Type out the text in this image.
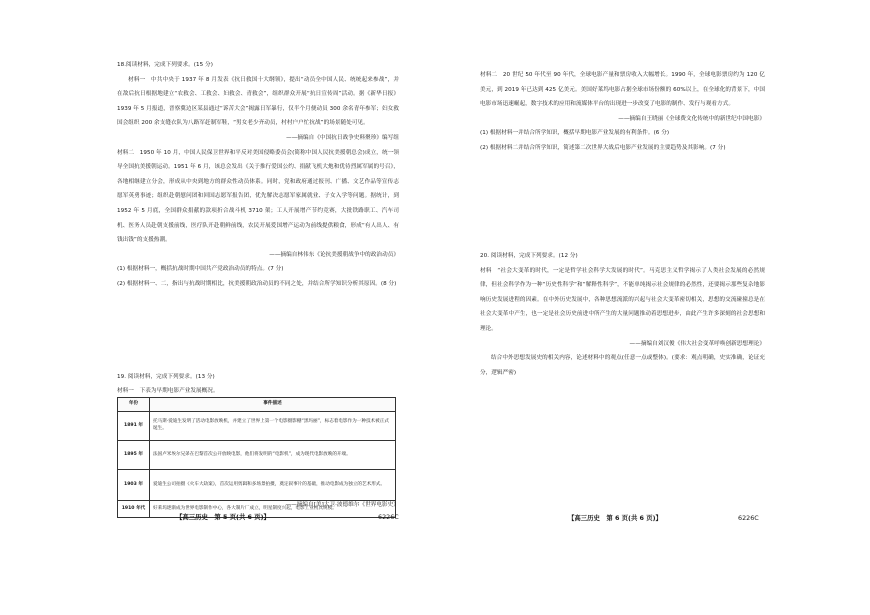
18.阅读材料，完成下列要求。(15 分)

材料一　中共中央于 1937 年 8 月发表《抗日救国十大纲领》，提出“动员全中国人民、统统起来参战”，并在敌后抗日根据地建立“农救会、工救会、妇救会、青救会”，组织群众开展“抗日宣传周”活动。据《新华日报》1939 年 5 月报道，晋察冀边区某县通过“诉苦大会”揭露日军暴行，仅半个月便动员 300 余名青年参军；妇女救国会组织 200 余支缝衣队为八路军赶制军鞋，“男女老少齐动员，村村户户忙抗战”的场景随处可见。

——摘编自《中国抗日战争史料聚珍》编写组

材料二　1950 年 10 月，中国人民保卫世界和平反对美国侵略委员会(简称中国人民抗美援朝总会)成立，统一领导全国抗美援朝运动。1951 年 6 月，该总会发出《关于推行爱国公约、捐献飞机大炮和优待烈属军属的号召》，各地相继建立分会，形成从中央到地方的群众性动员体系。同时，党和政府通过报刊、广播、文艺作品等宣传志愿军英勇事迹；组织赴朝慰问团和回国志愿军报告团，优先解决志愿军家属就业、子女入学等问题。据统计，到 1952 年 5 月底，全国群众捐献的款项折合战斗机 3710 架；工人开展增产节约竞赛，大批铁路职工、汽车司机、医务人员赴朝支援前线，医疗队开赴朝鲜前线，农民开展爱国增产运动为前线提供粮食，形成“有人出人、有钱出钱”的支援热潮。

——摘编自林伟东《论抗美援朝战争中的政治动员》

(1) 根据材料一，概括抗战时期中国共产党政治动员的特点。(7 分)

(2) 根据材料一、二，指出与抗战时期相比，抗美援朝政治动员的不同之处，并结合所学知识分析其原因。(8 分)

19. 阅读材料，完成下列要求。(13 分)

材料一　下表为早期电影产业发展概况。

年份	事件描述
1891 年	托马斯·爱迪生发明了活动电影放映机，并建立了世界上第一个电影摄影棚“黑玛丽”，标志着电影作为一种技术被正式诞生。
1895 年	法国卢米埃尔兄弟在巴黎首次公开放映电影，他们将发明的“电影机”，成为现代电影放映的开端。
1903 年	爱迪生公司拍摄《火车大劫案》，首次运用剪辑和多场景拍摄，奠定叙事片的基础，推动电影成为独立的艺术形式。
1910 年代	好莱坞逐渐成为世界电影制作中心，各大制片厂成立，明星制度兴起，电影工业初具规模。

——摘编自[美]大卫·波德维尔《世界电影史》

【高三历史　第 5 页(共 6 页)】	6226C

材料二　20 世纪 50 年代至 90 年代，全球电影产量和票房收入大幅增长。1990 年，全球电影票房约为 120 亿美元，到 2019 年已达到 425 亿美元。美国好莱坞电影占据全球市场份额的 60%以上，在全球化的背景下，中国电影市场迅速崛起，数字技术的应用和流媒体平台的出现进一步改变了电影的制作、发行与观看方式。

——摘编自王晓丽《全球费文化传统中的新世纪中国电影》

(1) 根据材料一并结合所学知识，概括早期电影产业发展的有利条件。(6 分)

(2) 根据材料二并结合所学知识，简述第二次世界大战后电影产业发展的主要趋势及其影响。(7 分)

20. 阅读材料，完成下列要求。(12 分)

材料　“社会大变革的时代，一定是哲学社会科学大发展的时代”。马克思主义哲学揭示了人类社会发展的必然规律，但社会科学作为一种“历史性科学”和“解释性科学”，不能单纯揭示社会规律的必然性，还要揭示那些复杂地影响历史发展进程的因素。在中外历史发展中，各种思想流派的兴起与社会大变革密切相关，思想的交流碰撞总是在社会大变革中产生，也一定是社会历史前进中所产生的大量问题推动着思想进步，由此产生许多深刻的社会思想和理论。

——摘编自刘汉俊《伟大社会变革呼唤创新思想理论》

结合中外思想发展史的相关内容，论述材料中的观点(任意一点或整体)。(要求：观点明确，史实准确，论证充分，逻辑严密)

【高三历史　第 6 页(共 6 页)】	6226C
